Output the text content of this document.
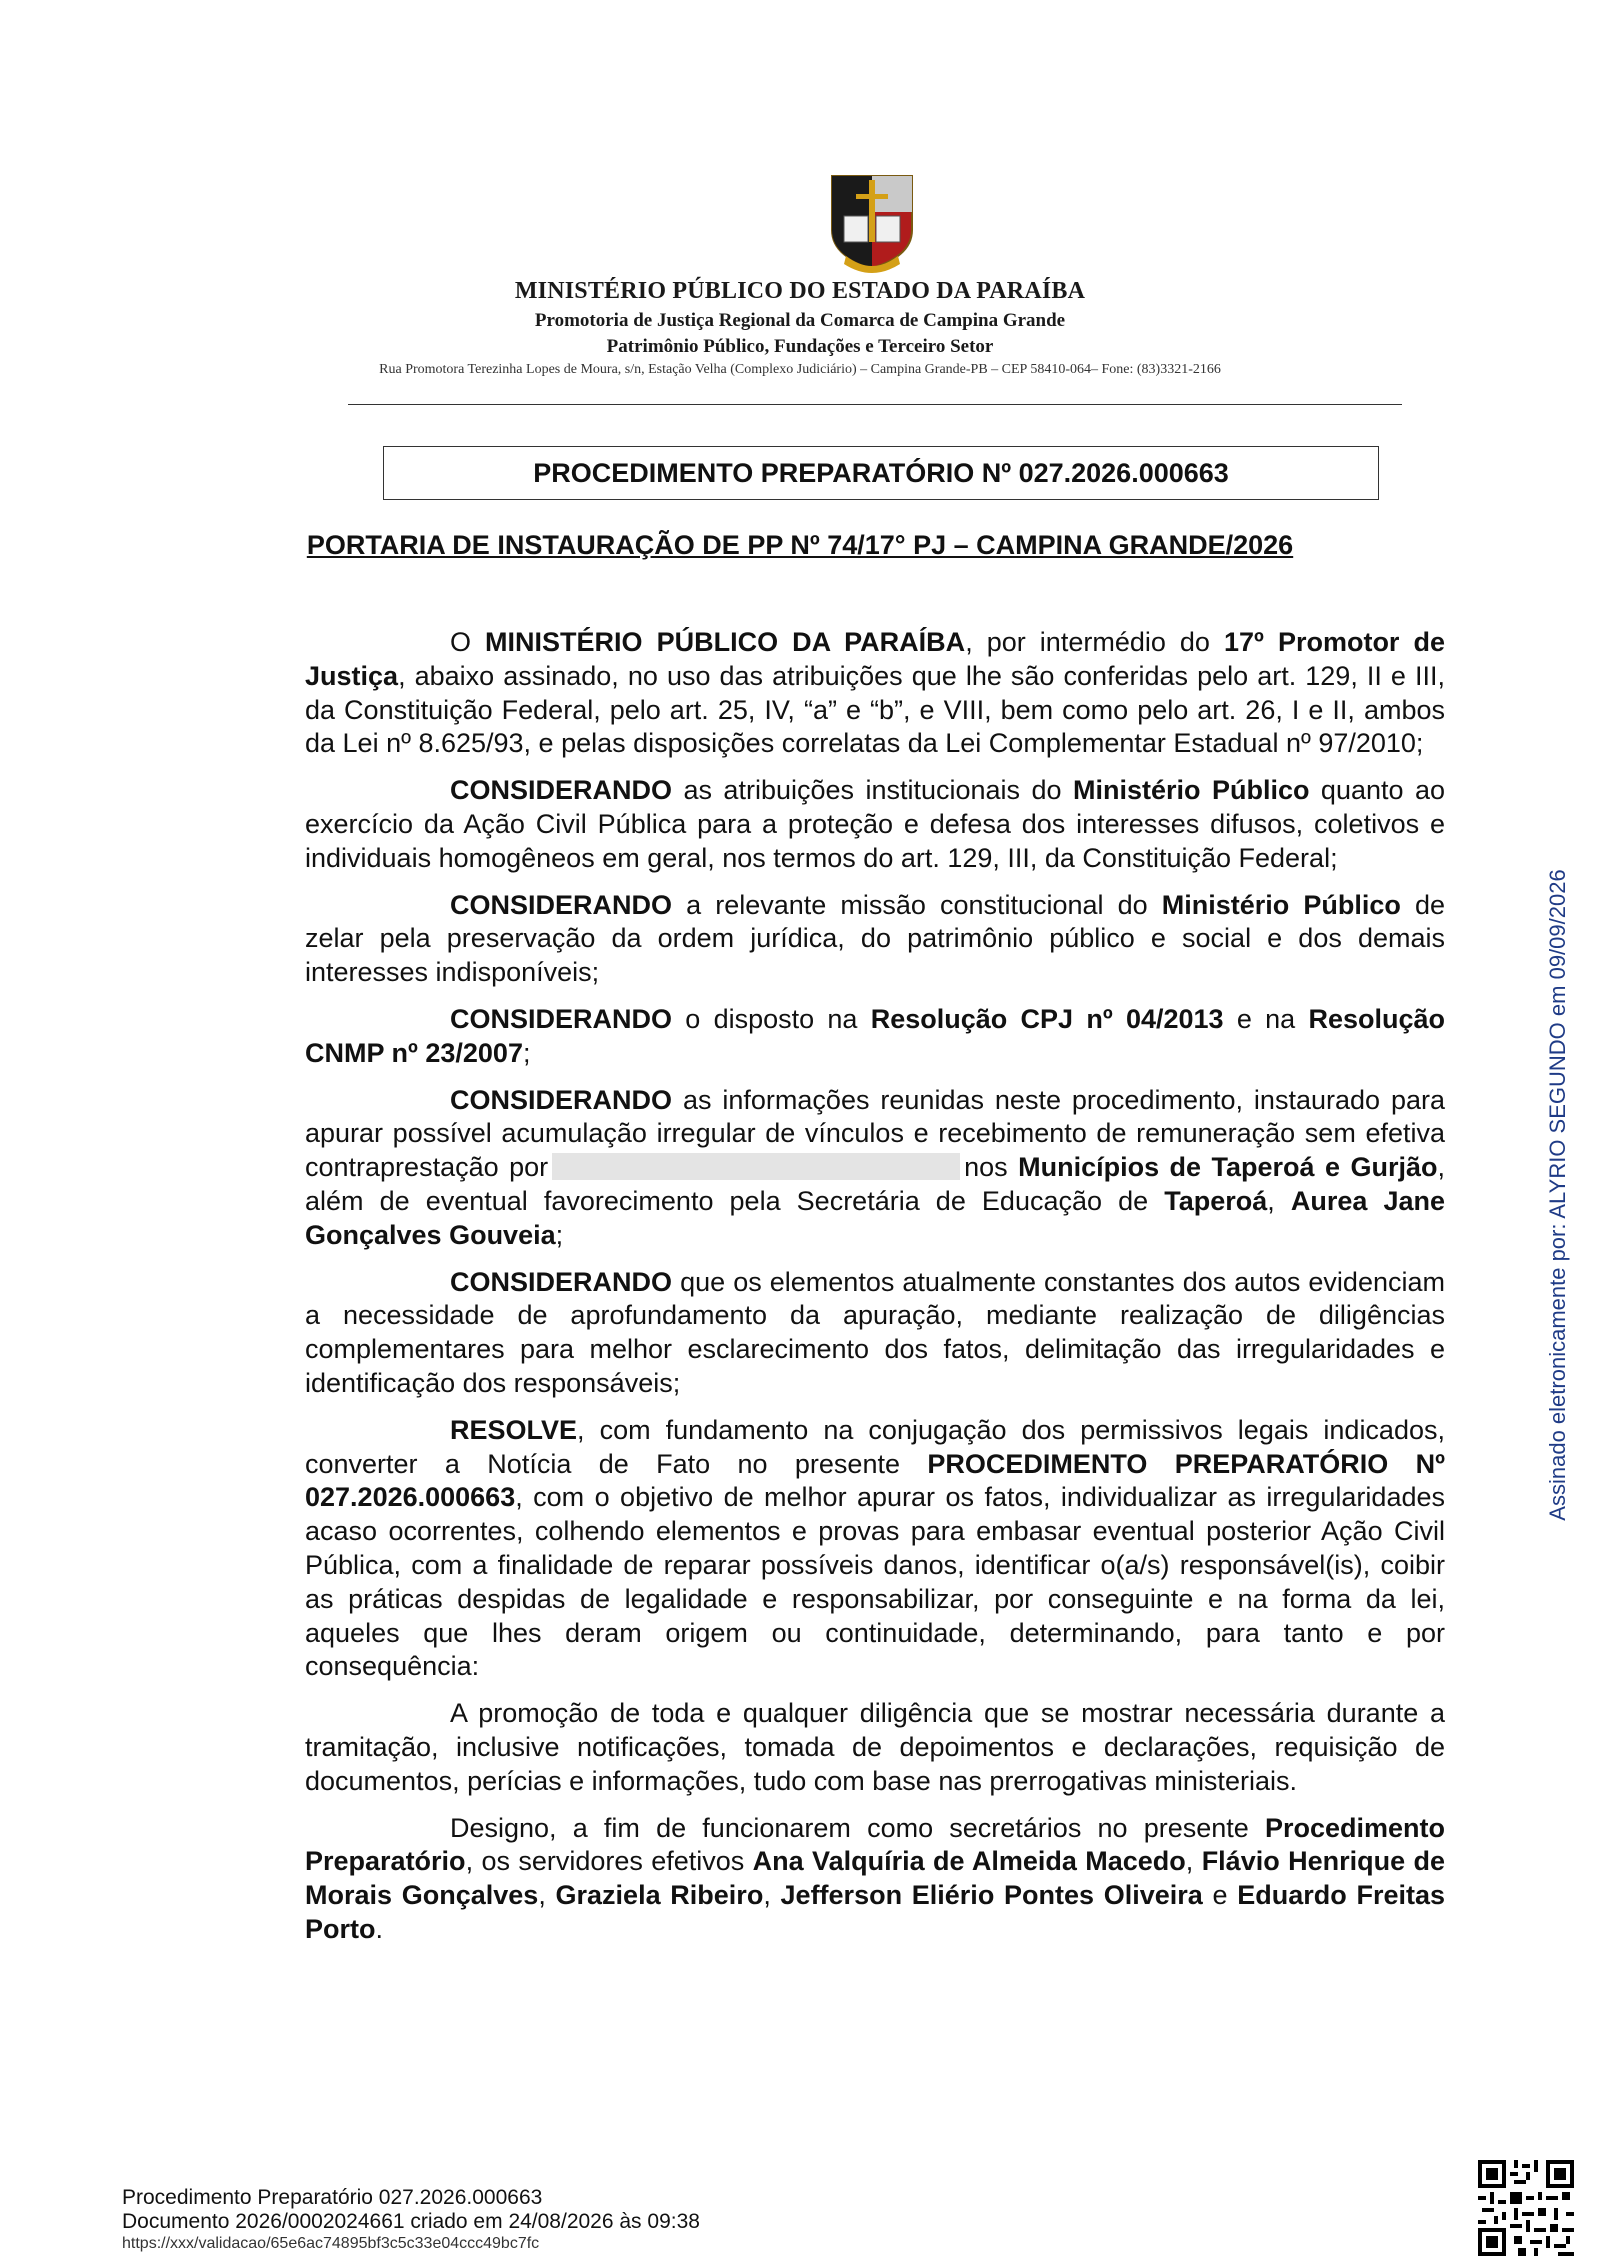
MINISTÉRIO PÚBLICO DO ESTADO DA PARAÍBA
Promotoria de Justiça Regional da Comarca de Campina Grande
Patrimônio Público, Fundações e Terceiro Setor
Rua Promotora Terezinha Lopes de Moura, s/n, Estação Velha (Complexo Judiciário) – Campina Grande-PB – CEP 58410-064– Fone: (83)3321-2166
PROCEDIMENTO PREPARATÓRIO Nº 027.2026.000663
PORTARIA DE INSTAURAÇÃO DE PP Nº 74/17° PJ – CAMPINA GRANDE/2026

O MINISTÉRIO PÚBLICO DA PARAÍBA, por intermédio do 17º Promotor de Justiça, abaixo assinado, no uso das atribuições que lhe são conferidas pelo art. 129, II e III, da Constituição Federal, pelo art. 25, IV, “a” e “b”, e VIII, bem como pelo art. 26, I e II, ambos da Lei nº 8.625/93, e pelas disposições correlatas da Lei Complementar Estadual nº 97/2010;

CONSIDERANDO as atribuições institucionais do Ministério Público quanto ao exercício da Ação Civil Pública para a proteção e defesa dos interesses difusos, coletivos e individuais homogêneos em geral, nos termos do art. 129, III, da Constituição Federal;

CONSIDERANDO a relevante missão constitucional do Ministério Público de zelar pela preservação da ordem jurídica, do patrimônio público e social e dos demais interesses indisponíveis;

CONSIDERANDO o disposto na Resolução CPJ nº 04/2013 e na Resolução CNMP nº 23/2007;

CONSIDERANDO as informações reunidas neste procedimento, instaurado para apurar possível acumulação irregular de vínculos e recebimento de remuneração sem efetiva contraprestação por	nos Municípios de Taperoá e Gurjão, além de eventual favorecimento pela Secretária de Educação de Taperoá, Aurea Jane Gonçalves Gouveia;

CONSIDERANDO que os elementos atualmente constantes dos autos evidenciam a necessidade de aprofundamento da apuração, mediante realização de diligências complementares para melhor esclarecimento dos fatos, delimitação das irregularidades e identificação dos responsáveis;

RESOLVE, com fundamento na conjugação dos permissivos legais indicados, converter a Notícia de Fato no presente PROCEDIMENTO PREPARATÓRIO Nº 027.2026.000663, com o objetivo de melhor apurar os fatos, individualizar as irregularidades acaso ocorrentes, colhendo elementos e provas para embasar eventual posterior Ação Civil Pública, com a finalidade de reparar possíveis danos, identificar o(a/s) responsável(is), coibir as práticas despidas de legalidade e responsabilizar, por conseguinte e na forma da lei, aqueles que lhes deram origem ou continuidade, determinando, para tanto e por consequência:

A promoção de toda e qualquer diligência que se mostrar necessária durante a tramitação, inclusive notificações, tomada de depoimentos e declarações, requisição de documentos, perícias e informações, tudo com base nas prerrogativas ministeriais.

Designo, a fim de funcionarem como secretários no presente Procedimento Preparatório, os servidores efetivos Ana Valquíria de Almeida Macedo, Flávio Henrique de Morais Gonçalves, Graziela Ribeiro, Jefferson Eliério Pontes Oliveira e Eduardo Freitas Porto.

Assinado eletronicamente por: ALYRIO SEGUNDO em 09/09/2026
Procedimento Preparatório 027.2026.000663
Documento 2026/0002024661 criado em 24/08/2026 às 09:38
https://xxx/validacao/65e6ac74895bf3c5c33e04ccc49bc7fc
